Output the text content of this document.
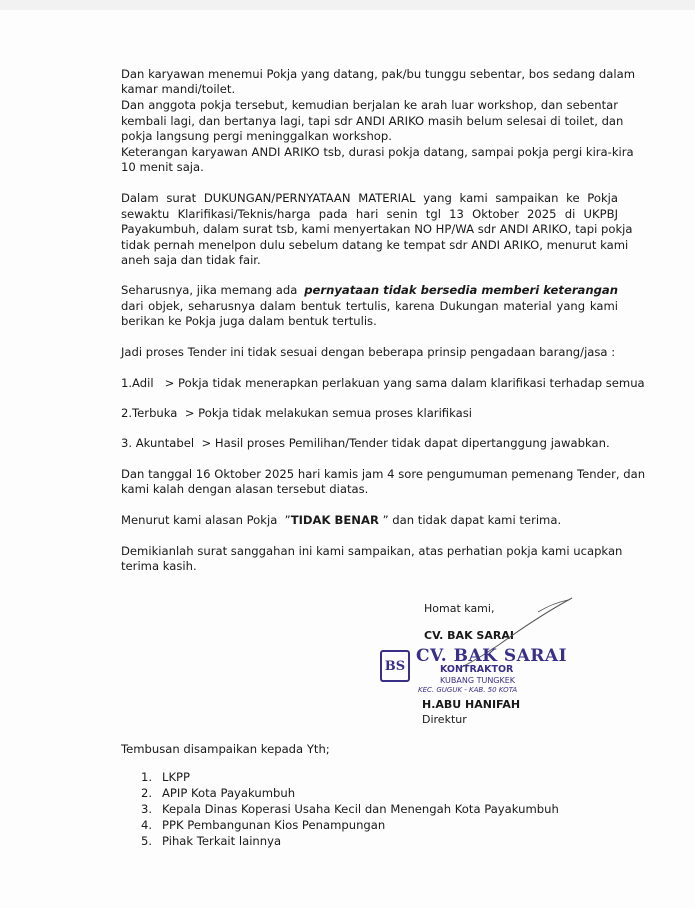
Dan karyawan menemui Pokja yang datang, pak/bu tunggu sebentar, bos sedang dalam
kamar mandi/toilet.
Dan anggota pokja tersebut, kemudian berjalan ke arah luar workshop, dan sebentar
kembali lagi, dan bertanya lagi, tapi sdr ANDI ARIKO masih belum selesai di toilet, dan
pokja langsung pergi meninggalkan workshop.
Keterangan karyawan ANDI ARIKO tsb, durasi pokja datang, sampai pokja pergi kira-kira
10 menit saja.
Dalam surat DUKUNGAN/PERNYATAAN MATERIAL yang kami sampaikan ke Pokja
sewaktu Klarifikasi/Teknis/harga pada hari senin tgl 13 Oktober 2025 di UKPBJ
Payakumbuh, dalam surat tsb, kami menyertakan NO HP/WA sdr ANDI ARIKO, tapi pokja
tidak pernah menelpon dulu sebelum datang ke tempat sdr ANDI ARIKO, menurut kami
aneh saja dan tidak fair.
Seharusnya, jika memang ada pernyataan tidak bersedia memberi keterangan
dari objek, seharusnya dalam bentuk tertulis, karena Dukungan material yang kami
berikan ke Pokja juga dalam bentuk tertulis.
Jadi proses Tender ini tidak sesuai dengan beberapa prinsip pengadaan barang/jasa :
1.Adil   > Pokja tidak menerapkan perlakuan yang sama dalam klarifikasi terhadap semua
2.Terbuka  > Pokja tidak melakukan semua proses klarifikasi
3. Akuntabel  > Hasil proses Pemilihan/Tender tidak dapat dipertanggung jawabkan.
Dan tanggal 16 Oktober 2025 hari kamis jam 4 sore pengumuman pemenang Tender, dan
kami kalah dengan alasan tersebut diatas.
Menurut kami alasan Pokja  ”TIDAK BENAR ” dan tidak dapat kami terima.
Demikianlah surat sanggahan ini kami sampaikan, atas perhatian pokja kami ucapkan
terima kasih.
Homat kami,
CV. BAK SARAI
BS CV. BAK SARAI
KONTRAKTOR
KUBANG TUNGKEK
KEC. GUGUK - KAB. 50 KOTA
H.ABU HANIFAH
Direktur
Tembusan disampaikan kepada Yth;
1. LKPP
2. APIP Kota Payakumbuh
3. Kepala Dinas Koperasi Usaha Kecil dan Menengah Kota Payakumbuh
4. PPK Pembangunan Kios Penampungan
5. Pihak Terkait lainnya
